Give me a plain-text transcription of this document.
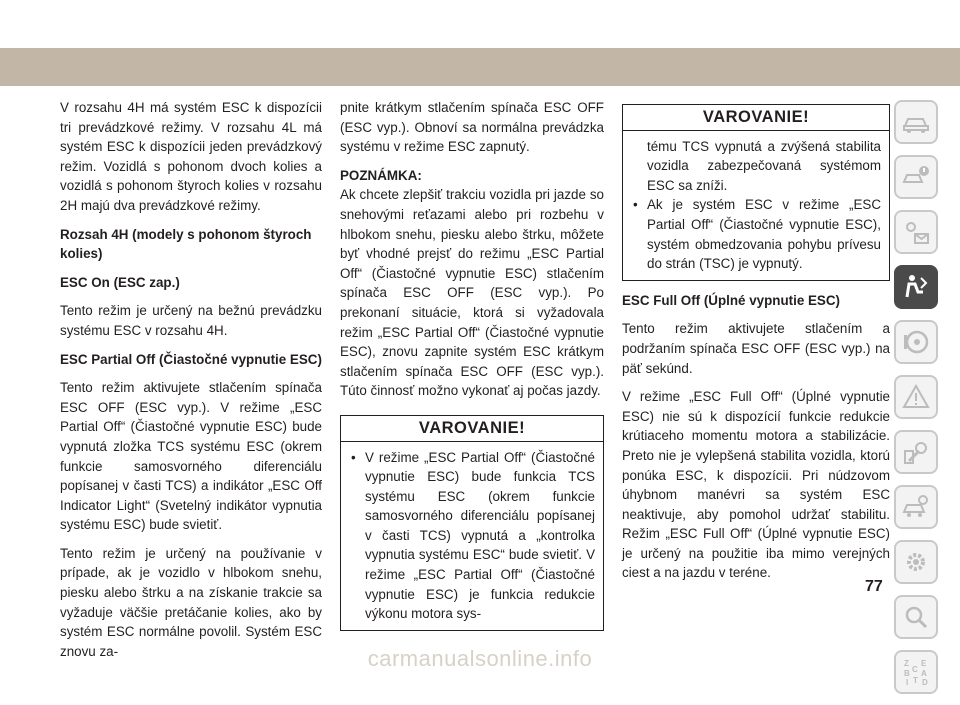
V rozsahu 4H má systém ESC k dispozícii tri prevádzkové režimy. V rozsahu 4L má systém ESC k dispozícii jeden prevádzkový režim. Vozidlá s pohonom dvoch kolies a vozidlá s pohonom štyroch kolies v rozsahu 2H majú dva prevádzkové režimy.

Rozsah 4H (modely s pohonom štyroch kolies)

ESC On (ESC zap.)

Tento režim je určený na bežnú prevádzku systému ESC v rozsahu 4H.

ESC Partial Off (Čiastočné vypnutie ESC)

Tento režim aktivujete stlačením spínača ESC OFF (ESC vyp.). V režime „ESC Partial Off“ (Čiastočné vypnutie ESC) bude vypnutá zložka TCS systému ESC (okrem funkcie samosvorného diferenciálu popísanej v časti TCS) a indikátor „ESC Off Indicator Light“ (Svetelný indikátor vypnutia systému ESC) bude svietiť.

Tento režim je určený na používanie v prípade, ak je vozidlo v hlbokom snehu, piesku alebo štrku a na získanie trakcie sa vyžaduje väčšie pretáčanie kolies, ako by systém ESC normálne povolil. Systém ESC znovu za-

pnite krátkym stlačením spínača ESC OFF (ESC vyp.). Obnoví sa normálna prevádzka systému v režime ESC zapnutý.

POZNÁMKA:

Ak chcete zlepšiť trakciu vozidla pri jazde so snehovými reťazami alebo pri rozbehu v hlbokom snehu, piesku alebo štrku, môžete byť vhodné prejsť do režimu „ESC Partial Off“ (Čiastočné vypnutie ESC) stlačením spínača ESC OFF (ESC vyp.). Po prekonaní situácie, ktorá si vyžadovala režim „ESC Partial Off“ (Čiastočné vypnutie ESC), znovu zapnite systém ESC krátkym stlačením spínača ESC OFF (ESC vyp.). Túto činnosť možno vykonať aj počas jazdy.

VAROVANIE!
• V režime „ESC Partial Off“ (Čiastočné vypnutie ESC) bude funkcia TCS systému ESC (okrem funkcie samosvorného diferenciálu popísanej v časti TCS) vypnutá a „kontrolka vypnutia systému ESC“ bude svietiť. V režime „ESC Partial Off“ (Čiastočné vypnutie ESC) je funkcia redukcie výkonu motora sys-
VAROVANIE!
tému TCS vypnutá a zvýšená stabilita vozidla zabezpečovaná systémom ESC sa zníži.
• Ak je systém ESC v režime „ESC Partial Off“ (Čiastočné vypnutie ESC), systém obmedzovania pohybu prívesu do strán (TSC) je vypnutý.

ESC Full Off (Úplné vypnutie ESC)

Tento režim aktivujete stlačením a podržaním spínača ESC OFF (ESC vyp.) na päť sekúnd.

V režime „ESC Full Off“ (Úplné vypnutie ESC) nie sú k dispozícií funkcie redukcie krútiaceho momentu motora a stabilizácie. Preto nie je vylepšená stabilita vozidla, ktorú ponúka ESC, k dispozícii. Pri núdzovom úhybnom manévri sa systém ESC neaktivuje, aby pomohol udržať stabilitu. Režim „ESC Full Off“ (Úplné vypnutie ESC) je určený na použitie iba mimo verejných ciest a na jazdu v teréne.

Z E
B C A
I T D
77
carmanualsonline.info
